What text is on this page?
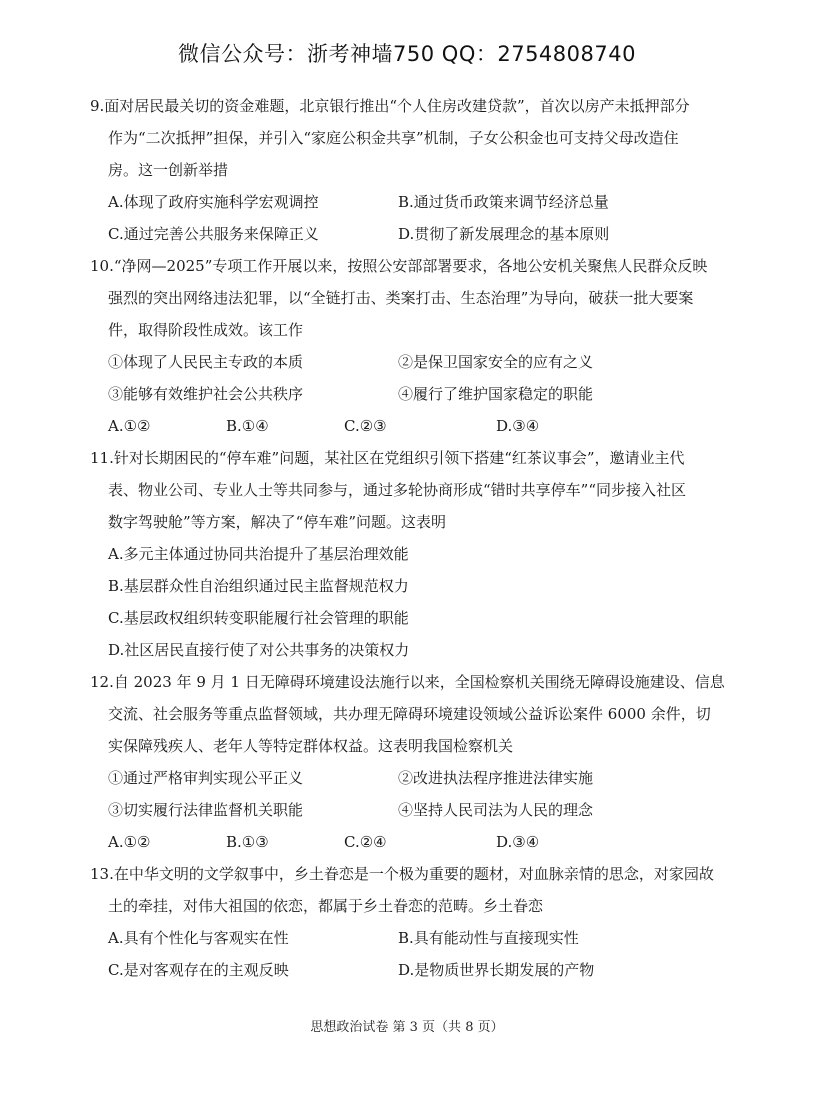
微信公众号：浙考神墙750 QQ：2754808740
9.面对居民最关切的资金难题，北京银行推出“个人住房改建贷款”，首次以房产未抵押部分
作为“二次抵押”担保，并引入“家庭公积金共享”机制，子女公积金也可支持父母改造住
房。这一创新举措
A.体现了政府实施科学宏观调控	B.通过货币政策来调节经济总量
C.通过完善公共服务来保障正义	D.贯彻了新发展理念的基本原则
10.“净网—2025”专项工作开展以来，按照公安部部署要求，各地公安机关聚焦人民群众反映
强烈的突出网络违法犯罪，以“全链打击、类案打击、生态治理”为导向，破获一批大要案
件，取得阶段性成效。该工作
①体现了人民民主专政的本质	②是保卫国家安全的应有之义
③能够有效维护社会公共秩序	④履行了维护国家稳定的职能
A.①②	B.①④	C.②③	D.③④
11.针对长期困民的“停车难”问题，某社区在党组织引领下搭建“红茶议事会”，邀请业主代
表、物业公司、专业人士等共同参与，通过多轮协商形成“错时共享停车”“同步接入社区
数字驾驶舱”等方案，解决了“停车难”问题。这表明
A.多元主体通过协同共治提升了基层治理效能
B.基层群众性自治组织通过民主监督规范权力
C.基层政权组织转变职能履行社会管理的职能
D.社区居民直接行使了对公共事务的决策权力
12.自 2023 年 9 月 1 日无障碍环境建设法施行以来，全国检察机关围绕无障碍设施建设、信息
交流、社会服务等重点监督领域，共办理无障碍环境建设领域公益诉讼案件 6000 余件，切
实保障残疾人、老年人等特定群体权益。这表明我国检察机关
①通过严格审判实现公平正义	②改进执法程序推进法律实施
③切实履行法律监督机关职能	④坚持人民司法为人民的理念
A.①②	B.①③	C.②④	D.③④
13.在中华文明的文学叙事中，乡土眷恋是一个极为重要的题材，对血脉亲情的思念，对家园故
土的牵挂，对伟大祖国的依恋，都属于乡土眷恋的范畴。乡土眷恋
A.具有个性化与客观实在性	B.具有能动性与直接现实性
C.是对客观存在的主观反映	D.是物质世界长期发展的产物
思想政治试卷 第 3 页（共 8 页）
